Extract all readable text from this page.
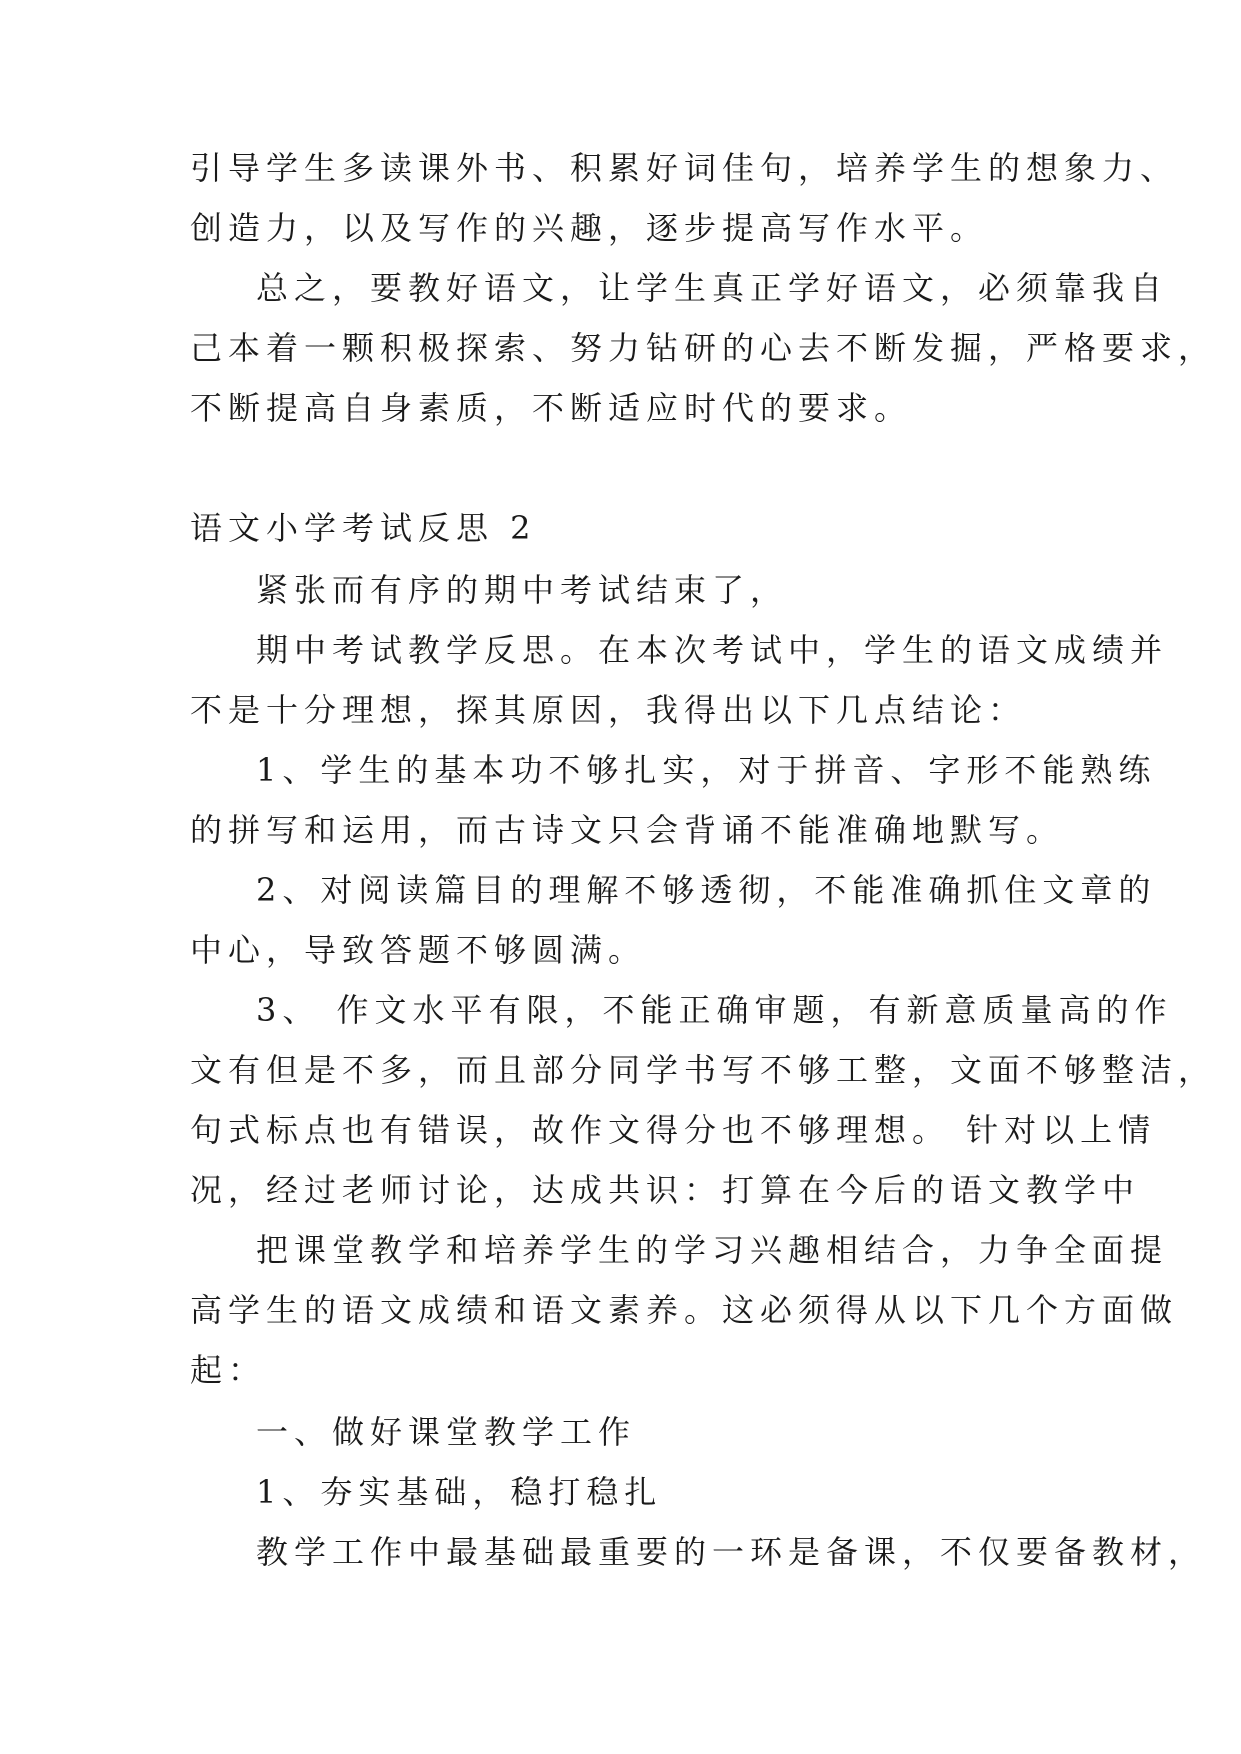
引导学生多读课外书、积累好词佳句，培养学生的想象力、
创造力，以及写作的兴趣，逐步提高写作水平。
总之，要教好语文，让学生真正学好语文，必须靠我自
己本着一颗积极探索、努力钻研的心去不断发掘，严格要求，
不断提高自身素质，不断适应时代的要求。
语文小学考试反思 2
紧张而有序的期中考试结束了，
期中考试教学反思。在本次考试中，学生的语文成绩并
不是十分理想，探其原因，我得出以下几点结论：
1、学生的基本功不够扎实，对于拼音、字形不能熟练
的拼写和运用，而古诗文只会背诵不能准确地默写。
2、对阅读篇目的理解不够透彻，不能准确抓住文章的
中心，导致答题不够圆满。
3、 作文水平有限，不能正确审题，有新意质量高的作
文有但是不多，而且部分同学书写不够工整，文面不够整洁，
句式标点也有错误，故作文得分也不够理想。 针对以上情
况，经过老师讨论，达成共识：打算在今后的语文教学中
把课堂教学和培养学生的学习兴趣相结合，力争全面提
高学生的语文成绩和语文素养。这必须得从以下几个方面做
起：
一、做好课堂教学工作
1、夯实基础，稳打稳扎
教学工作中最基础最重要的一环是备课，不仅要备教材，
